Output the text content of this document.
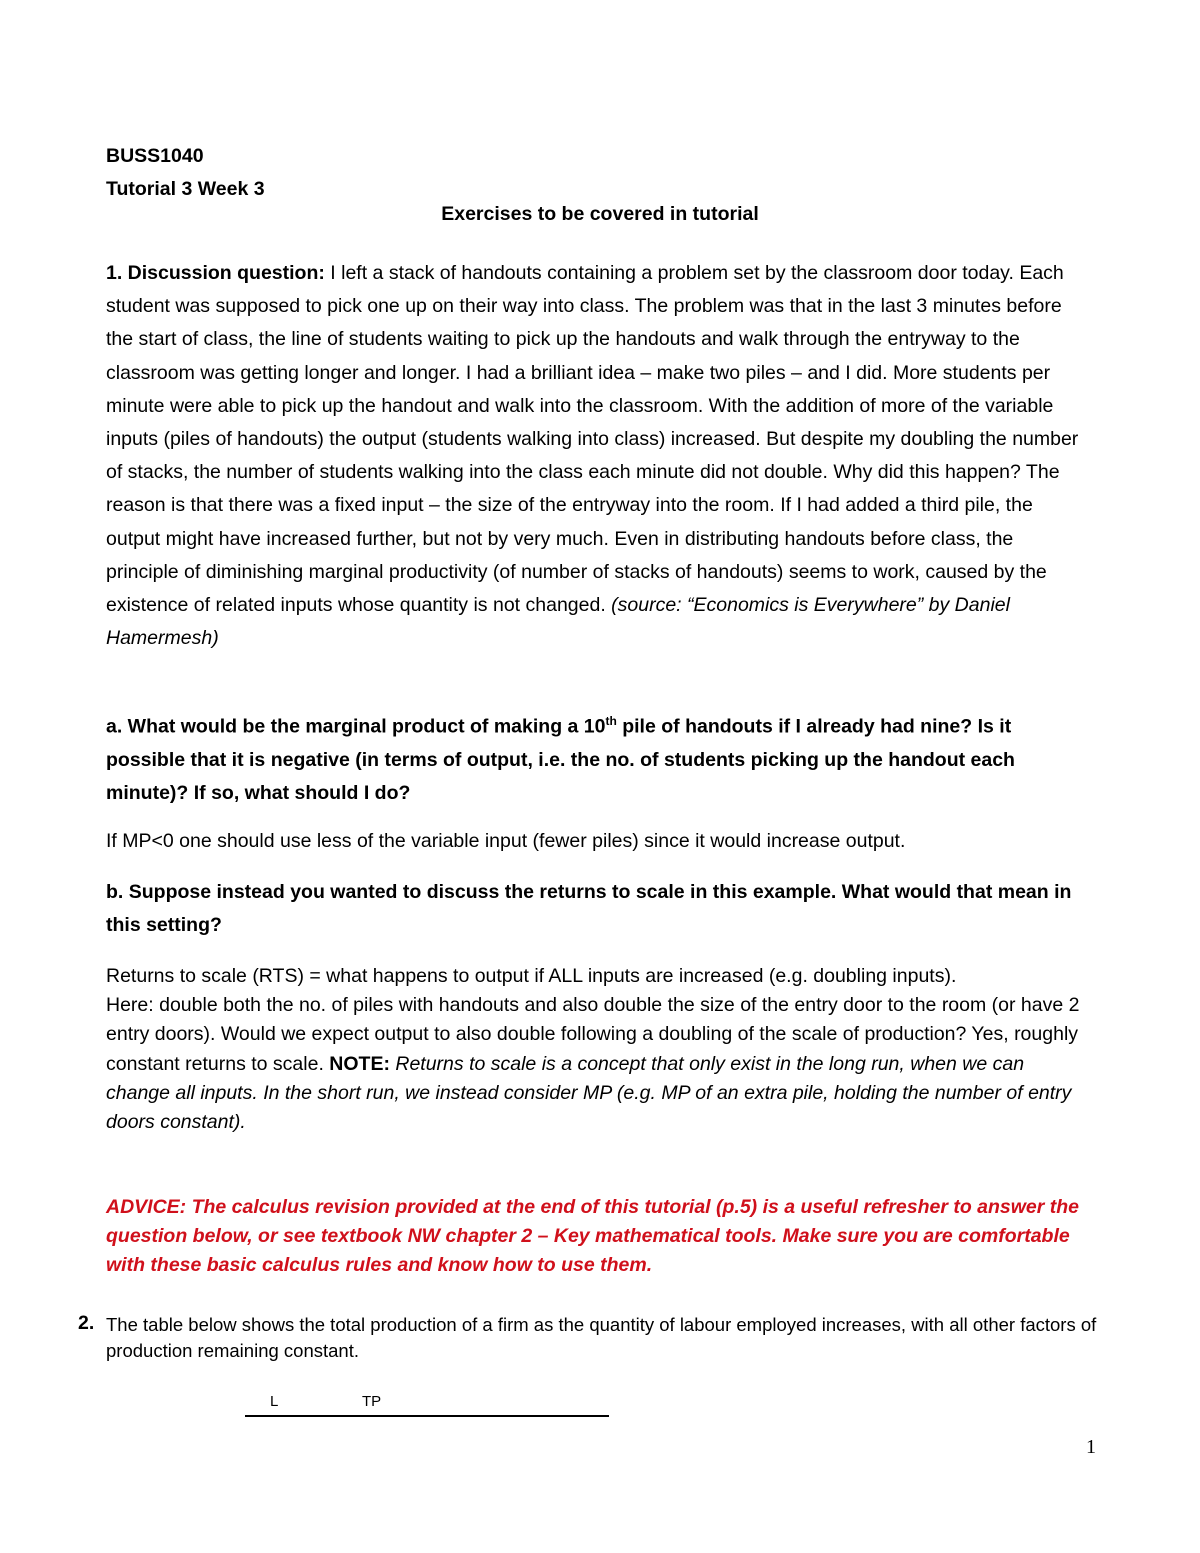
BUSS1040
Tutorial 3 Week 3
Exercises to be covered in tutorial
1. Discussion question: I left a stack of handouts containing a problem set by the classroom door today. Each student was supposed to pick one up on their way into class. The problem was that in the last 3 minutes before the start of class, the line of students waiting to pick up the handouts and walk through the entryway to the classroom was getting longer and longer. I had a brilliant idea – make two piles – and I did. More students per minute were able to pick up the handout and walk into the classroom. With the addition of more of the variable inputs (piles of handouts) the output (students walking into class) increased. But despite my doubling the number of stacks, the number of students walking into the class each minute did not double. Why did this happen? The reason is that there was a fixed input – the size of the entryway into the room. If I had added a third pile, the output might have increased further, but not by very much. Even in distributing handouts before class, the principle of diminishing marginal productivity (of number of stacks of handouts) seems to work, caused by the existence of related inputs whose quantity is not changed. (source: “Economics is Everywhere” by Daniel Hamermesh)
a. What would be the marginal product of making a 10th pile of handouts if I already had nine? Is it possible that it is negative (in terms of output, i.e. the no. of students picking up the handout each minute)? If so, what should I do?
If MP<0 one should use less of the variable input (fewer piles) since it would increase output.
b. Suppose instead you wanted to discuss the returns to scale in this example. What would that mean in this setting?
Returns to scale (RTS) = what happens to output if ALL inputs are increased (e.g. doubling inputs).
Here: double both the no. of piles with handouts and also double the size of the entry door to the room (or have 2 entry doors). Would we expect output to also double following a doubling of the scale of production? Yes, roughly constant returns to scale. NOTE: Returns to scale is a concept that only exist in the long run, when we can change all inputs. In the short run, we instead consider MP (e.g. MP of an extra pile, holding the number of entry doors constant).
ADVICE: The calculus revision provided at the end of this tutorial (p.5) is a useful refresher to answer the question below, or see textbook NW chapter 2 – Key mathematical tools. Make sure you are comfortable with these basic calculus rules and know how to use them.
2. The table below shows the total production of a firm as the quantity of labour employed increases, with all other factors of production remaining constant.
L	TP
1
